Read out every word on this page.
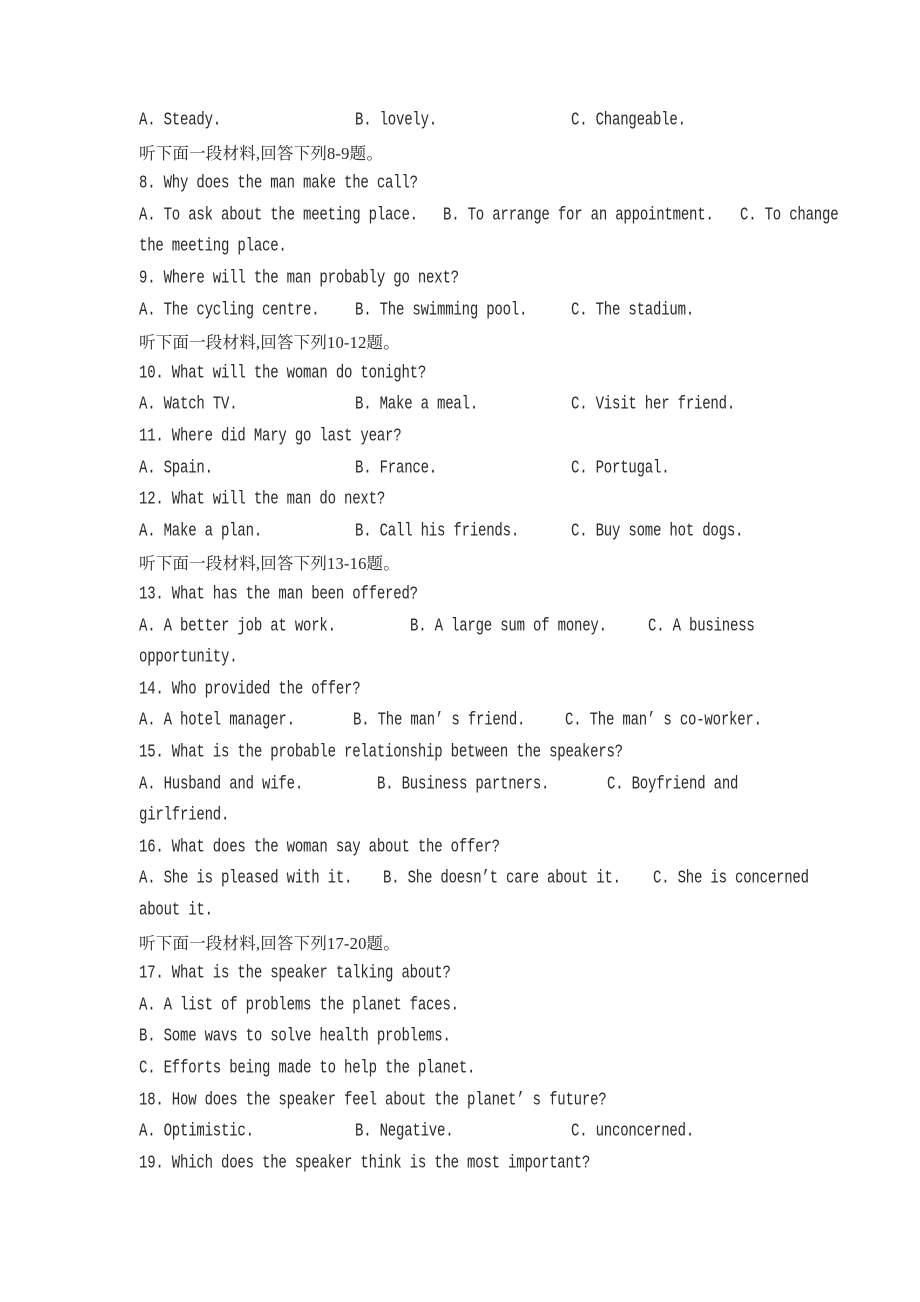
A. Steady.	B. lovely.	C. Changeable.
听下面一段材料,回答下列8-9题。
8. Why does the man make the call?
A. To ask about the meeting place. B. To arrange for an appointment. C. To change
the meeting place.
9. Where will the man probably go next?
A. The cycling centre.	B. The swimming pool.	C. The stadium.
听下面一段材料,回答下列10-12题。
10. What will the woman do tonight?
A. Watch TV.	B. Make a meal.	C. Visit her friend.
11. Where did Mary go last year?
A. Spain.	B. France.	C. Portugal.
12. What will the man do next?
A. Make a plan.	B. Call his friends.	C. Buy some hot dogs.
听下面一段材料,回答下列13-16题。
13. What has the man been offered?
A. A better job at work.	B. A large sum of money.	C. A business
opportunity.
14. Who provided the offer?
A. A hotel manager.	B. The man’ s friend.	C. The man’ s co-worker.
15. What is the probable relationship between the speakers?
A. Husband and wife.	B. Business partners.	C. Boyfriend and
girlfriend.
16. What does the woman say about the offer?
A. She is pleased with it. B. She doesn’t care about it. C. She is concerned
about it.
听下面一段材料,回答下列17-20题。
17. What is the speaker talking about?
A. A list of problems the planet faces.
B. Some wavs to solve health problems.
C. Efforts being made to help the planet.
18. How does the speaker feel about the planet’ s future?
A. Optimistic.	B. Negative.	C. unconcerned.
19. Which does the speaker think is the most important?
